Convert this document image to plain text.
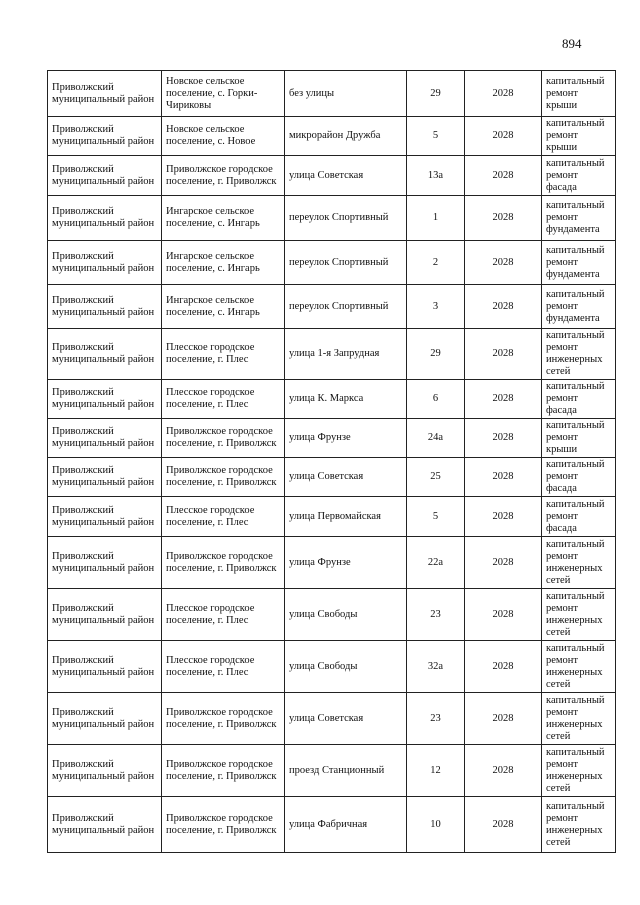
894
Приволжский муниципальный район	Новское сельское поселение, с. Горки-Чириковы	без улицы	29	2028	капитальный ремонт крыши
Приволжский муниципальный район	Новское сельское поселение, с. Новое	микрорайон Дружба	5	2028	капитальный ремонт крыши
Приволжский муниципальный район	Приволжское городское поселение, г. Приволжск	улица Советская	13а	2028	капитальный ремонт фасада
Приволжский муниципальный район	Ингарское сельское поселение, с. Ингарь	переулок Спортивный	1	2028	капитальный ремонт фундамента
Приволжский муниципальный район	Ингарское сельское поселение, с. Ингарь	переулок Спортивный	2	2028	капитальный ремонт фундамента
Приволжский муниципальный район	Ингарское сельское поселение, с. Ингарь	переулок Спортивный	3	2028	капитальный ремонт фундамента
Приволжский муниципальный район	Плесское городское поселение, г. Плес	улица 1-я Запрудная	29	2028	капитальный ремонт инженерных сетей
Приволжский муниципальный район	Плесское городское поселение, г. Плес	улица К. Маркса	6	2028	капитальный ремонт фасада
Приволжский муниципальный район	Приволжское городское поселение, г. Приволжск	улица Фрунзе	24а	2028	капитальный ремонт крыши
Приволжский муниципальный район	Приволжское городское поселение, г. Приволжск	улица Советская	25	2028	капитальный ремонт фасада
Приволжский муниципальный район	Плесское городское поселение, г. Плес	улица Первомайская	5	2028	капитальный ремонт фасада
Приволжский муниципальный район	Приволжское городское поселение, г. Приволжск	улица Фрунзе	22а	2028	капитальный ремонт инженерных сетей
Приволжский муниципальный район	Плесское городское поселение, г. Плес	улица Свободы	23	2028	капитальный ремонт инженерных сетей
Приволжский муниципальный район	Плесское городское поселение, г. Плес	улица Свободы	32а	2028	капитальный ремонт инженерных сетей
Приволжский муниципальный район	Приволжское городское поселение, г. Приволжск	улица Советская	23	2028	капитальный ремонт инженерных сетей
Приволжский муниципальный район	Приволжское городское поселение, г. Приволжск	проезд Станционный	12	2028	капитальный ремонт инженерных сетей
Приволжский муниципальный район	Приволжское городское поселение, г. Приволжск	улица Фабричная	10	2028	капитальный ремонт инженерных сетей
